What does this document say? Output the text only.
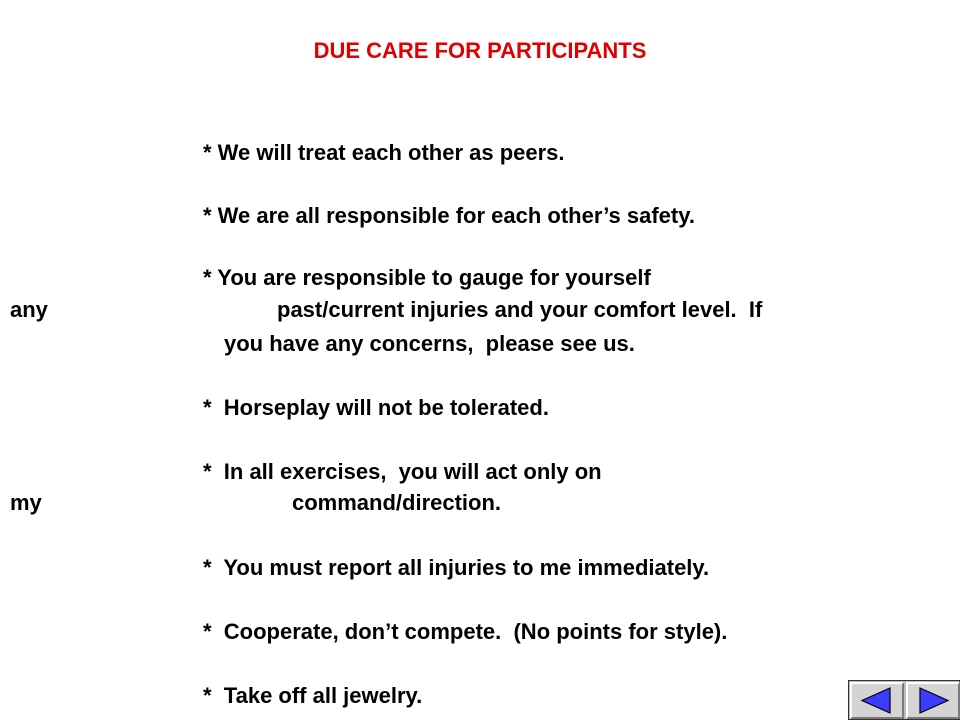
DUE CARE FOR PARTICIPANTS
* We will treat each other as peers.
* We are all responsible for each other’s safety.
* You are responsible to gauge for yourself
any	past/current injuries and your comfort level.  If
you have any concerns,  please see us.
*  Horseplay will not be tolerated.
*  In all exercises,  you will act only on
my	command/direction.
*  You must report all injuries to me immediately.
*  Cooperate, don’t compete.  (No points for style).
*  Take off all jewelry.
